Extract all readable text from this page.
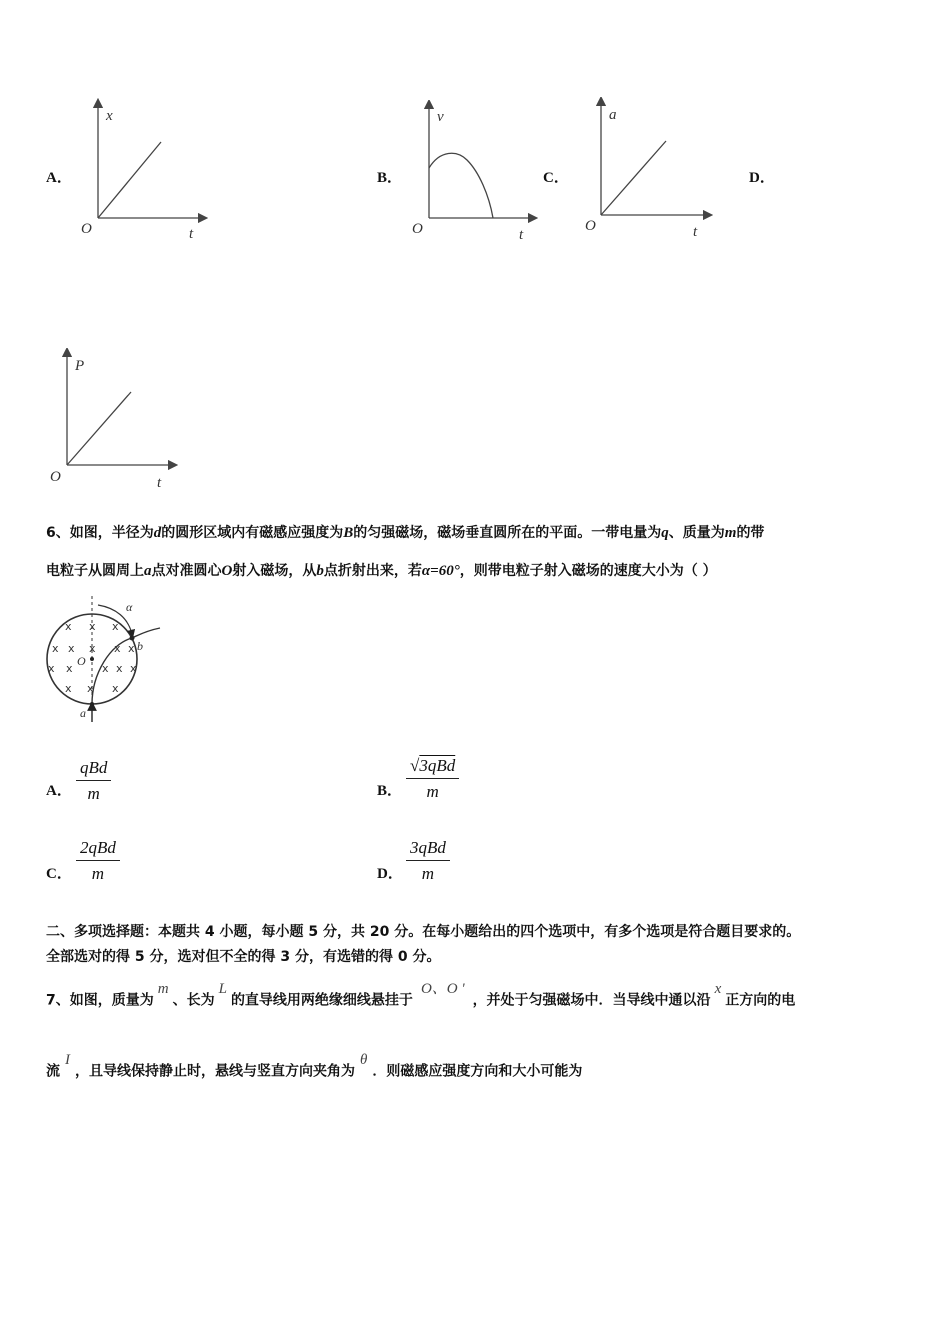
A．
x
O	t
B．
v
O	t
C．
a
O	t
D．
P
O	t
6、如图，半径为d的圆形区域内有磁感应强度为B的匀强磁场，磁场垂直圆所在的平面。一带电量为q、质量为m的带
电粒子从圆周上a点对准圆心O射入磁场，从b点折射出来，若α=60°，则带电粒子射入磁场的速度大小为（ ）
α
b
O
a
x x x
x x x x x
x x	x x x
x x x
A．
qBd
m	B．
√3qBd
m
C．
2qBd
m	D．
3qBd
m
二、多项选择题：本题共 4 小题，每小题 5 分，共 20 分。在每小题给出的四个选项中，有多个选项是符合题目要求的。
全部选对的得 5 分，选对但不全的得 3 分，有选错的得 0 分。
7、如图，质量为$^m$、长为$^L$的直导线用两绝缘细线悬挂于$^{O、O '}$，并处于匀强磁场中．当导线中通以沿$^x$正方向的电
流$^I$，且导线保持静止时，悬线与竖直方向夹角为$^\theta$．则磁感应强度方向和大小可能为
